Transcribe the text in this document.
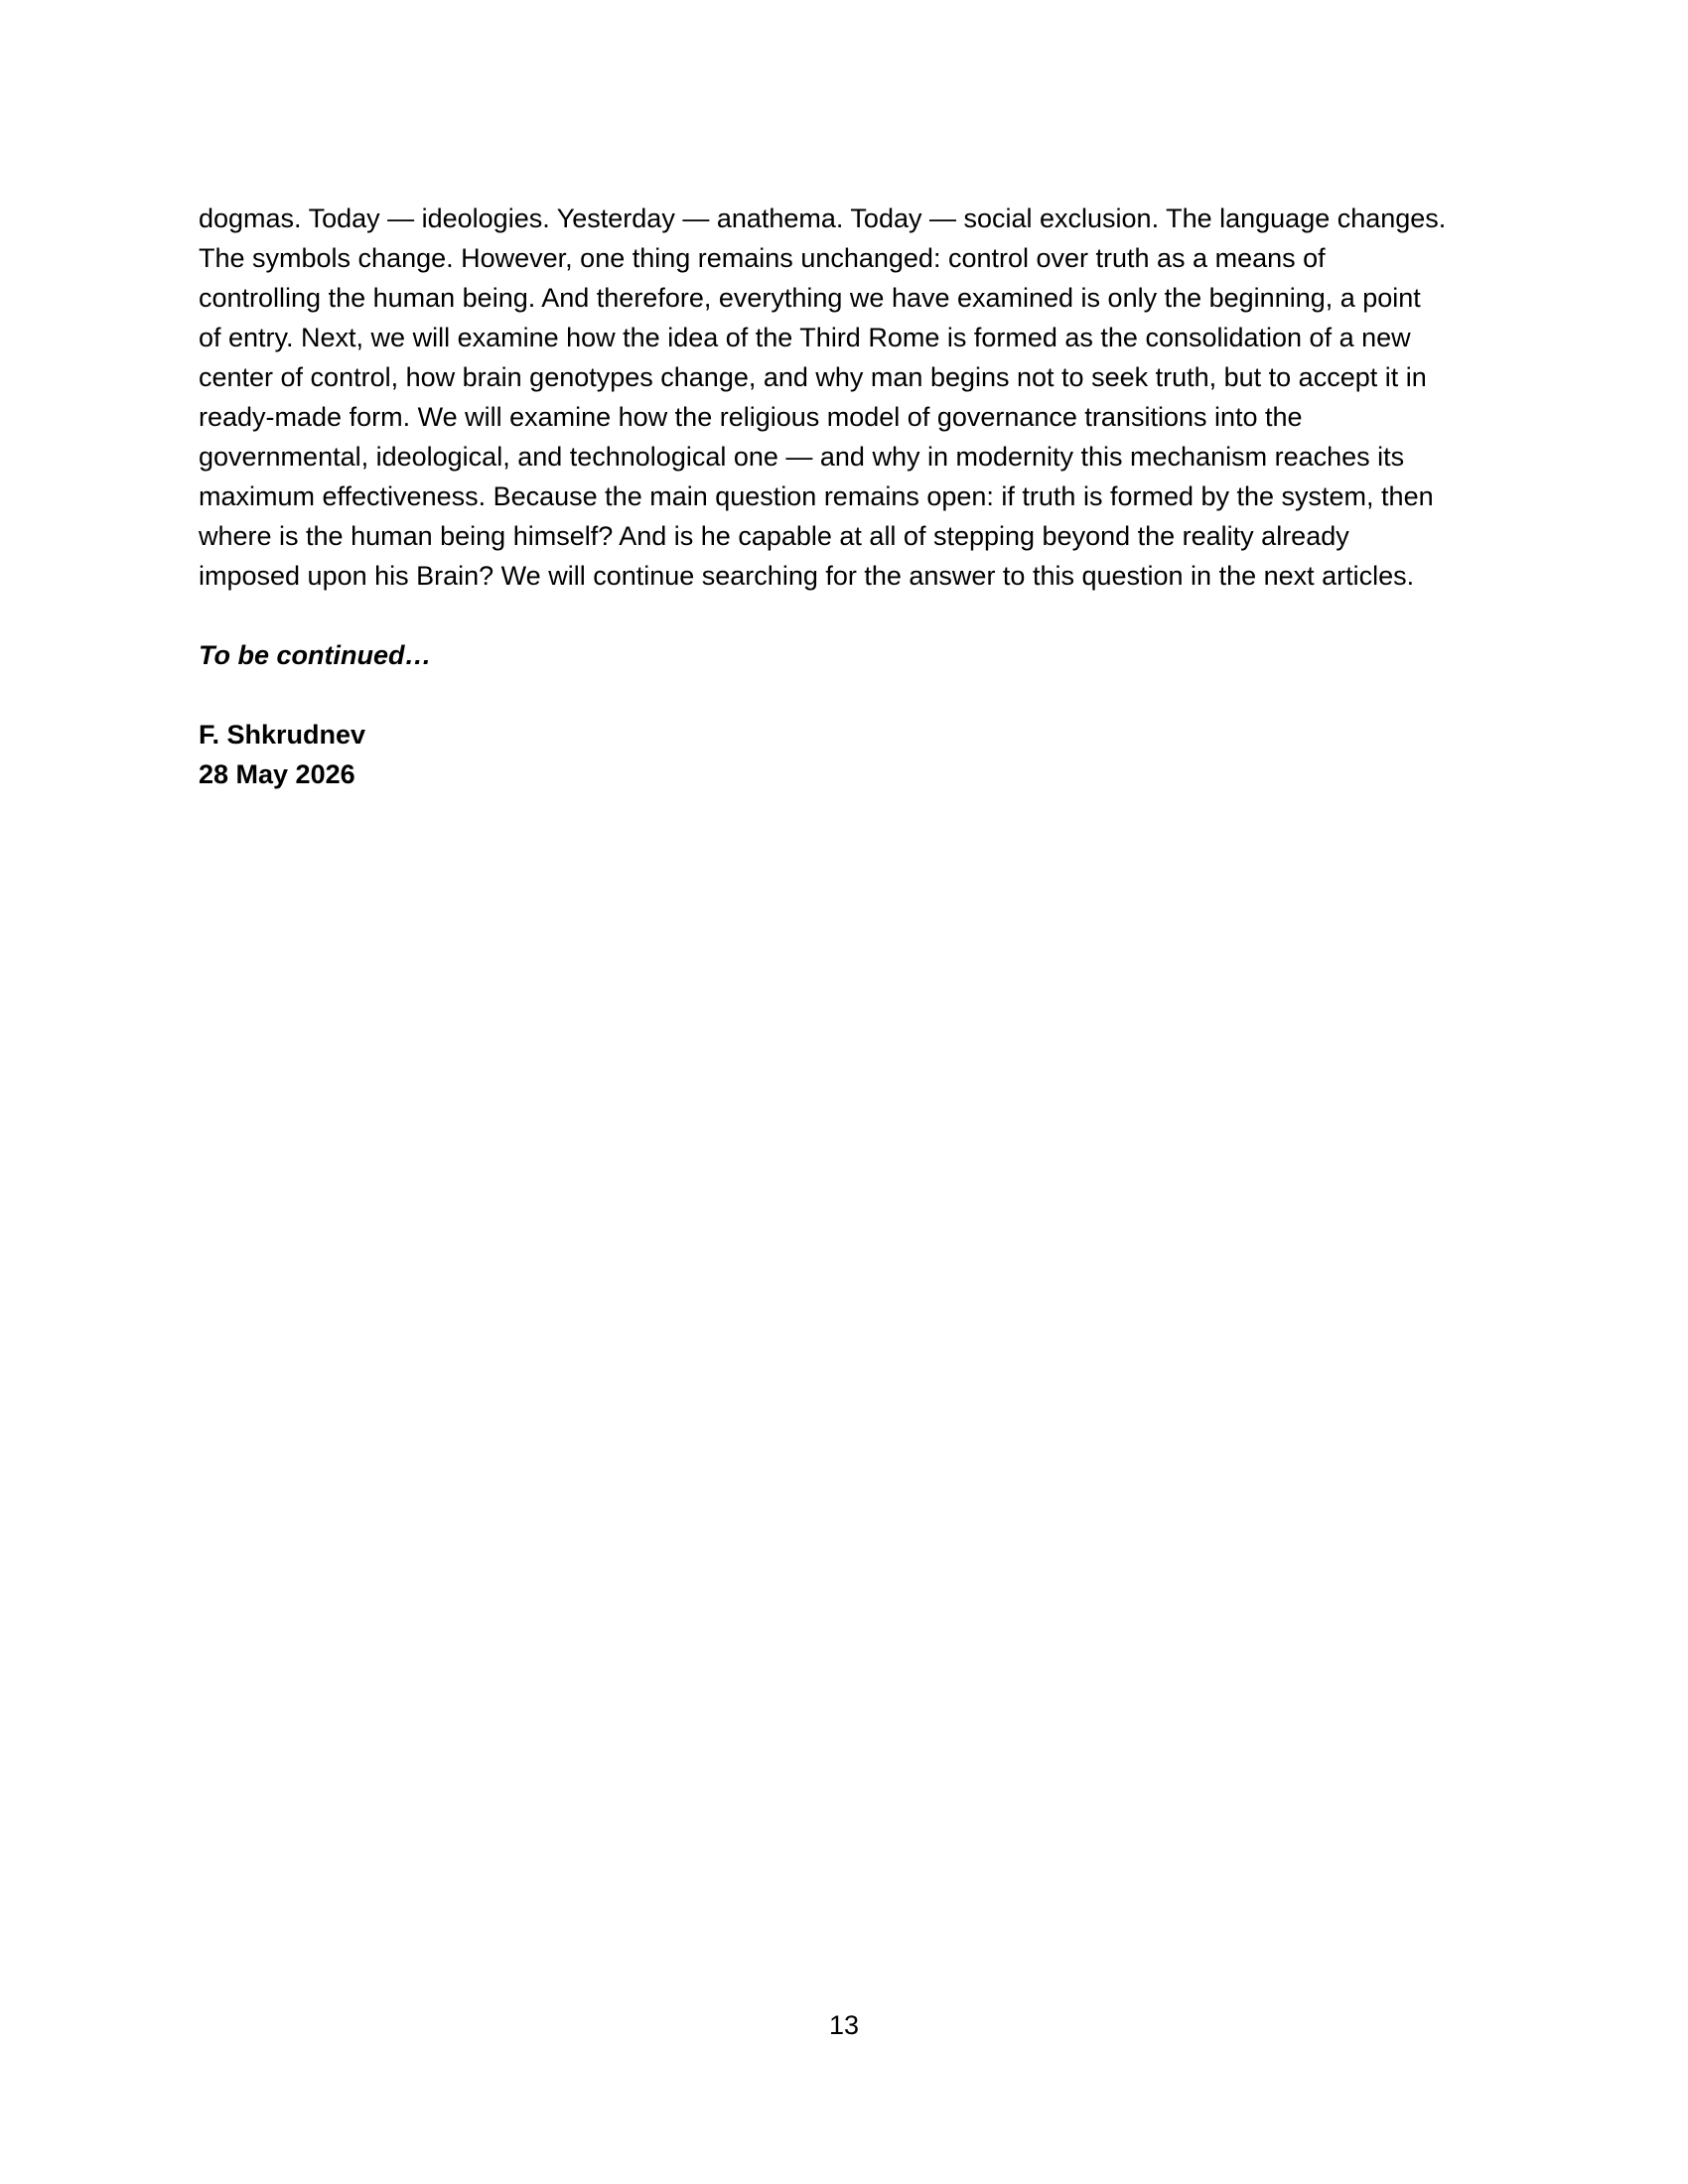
dogmas. Today — ideologies. Yesterday — anathema. Today — social exclusion. The language changes.
The symbols change. However, one thing remains unchanged: control over truth as a means of
controlling the human being. And therefore, everything we have examined is only the beginning, a point
of entry. Next, we will examine how the idea of the Third Rome is formed as the consolidation of a new
center of control, how brain genotypes change, and why man begins not to seek truth, but to accept it in
ready-made form. We will examine how the religious model of governance transitions into the
governmental, ideological, and technological one — and why in modernity this mechanism reaches its
maximum effectiveness. Because the main question remains open: if truth is formed by the system, then
where is the human being himself? And is he capable at all of stepping beyond the reality already
imposed upon his Brain? We will continue searching for the answer to this question in the next articles.
To be continued…
F. Shkrudnev
28 May 2026
13
